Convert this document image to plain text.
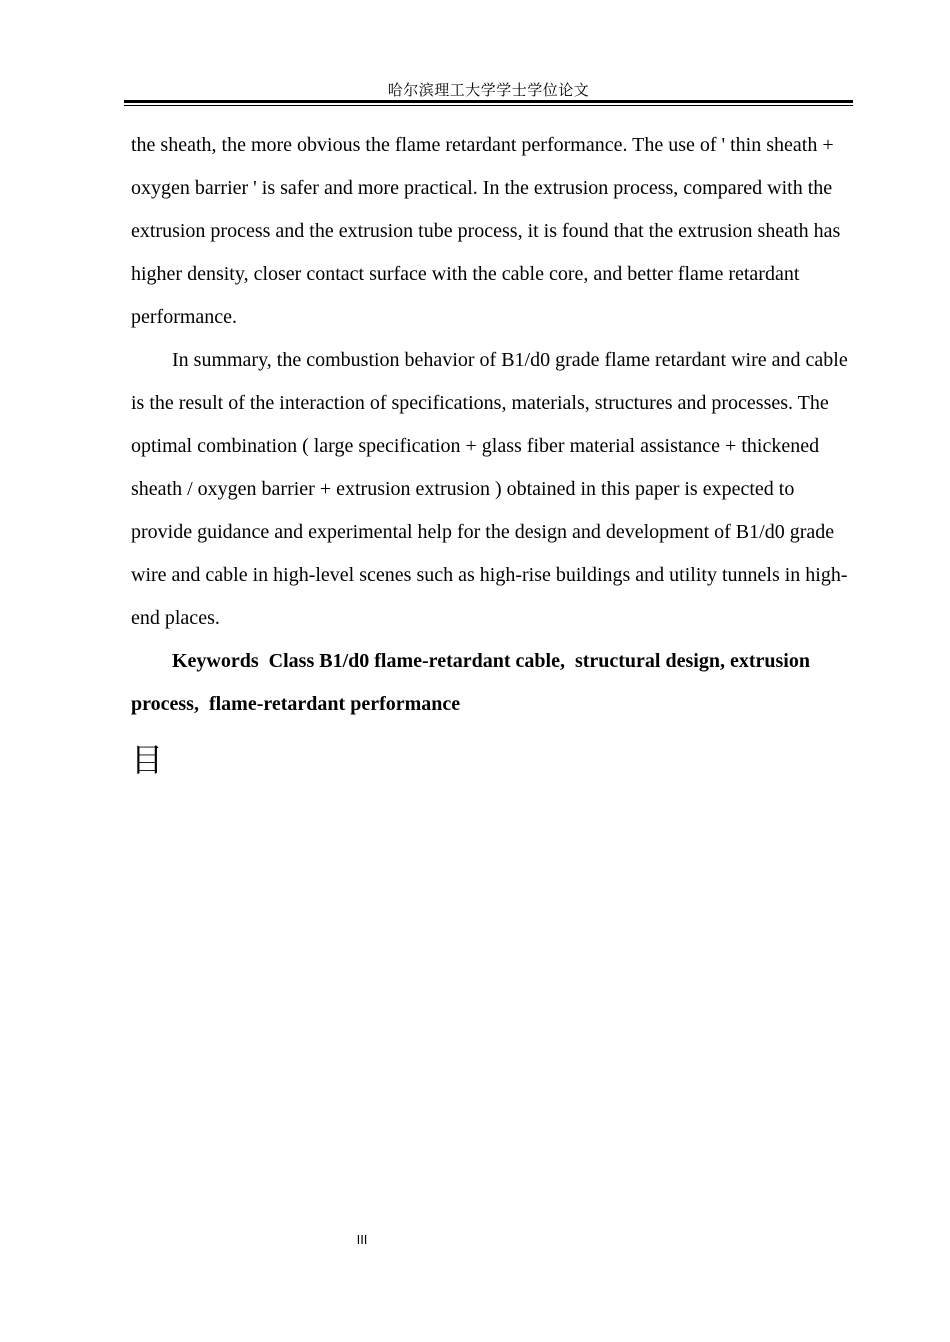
哈尔滨理工大学学士学位论文

the sheath, the more obvious the flame retardant performance. The use of ' thin sheath + oxygen barrier ' is safer and more practical. In the extrusion process, compared with the extrusion process and the extrusion tube process, it is found that the extrusion sheath has higher density, closer contact surface with the cable core, and better flame retardant performance.

In summary, the combustion behavior of B1/d0 grade flame retardant wire and cable is the result of the interaction of specifications, materials, structures and processes. The optimal combination ( large specification + glass fiber material assistance + thickened sheath / oxygen barrier + extrusion extrusion ) obtained in this paper is expected to provide guidance and experimental help for the design and development of B1/d0 grade wire and cable in high-level scenes such as high-rise buildings and utility tunnels in high-end places.

Keywords Class B1/d0 flame-retardant cable,  structural design, extrusion process,  flame-retardant performance

目
III
